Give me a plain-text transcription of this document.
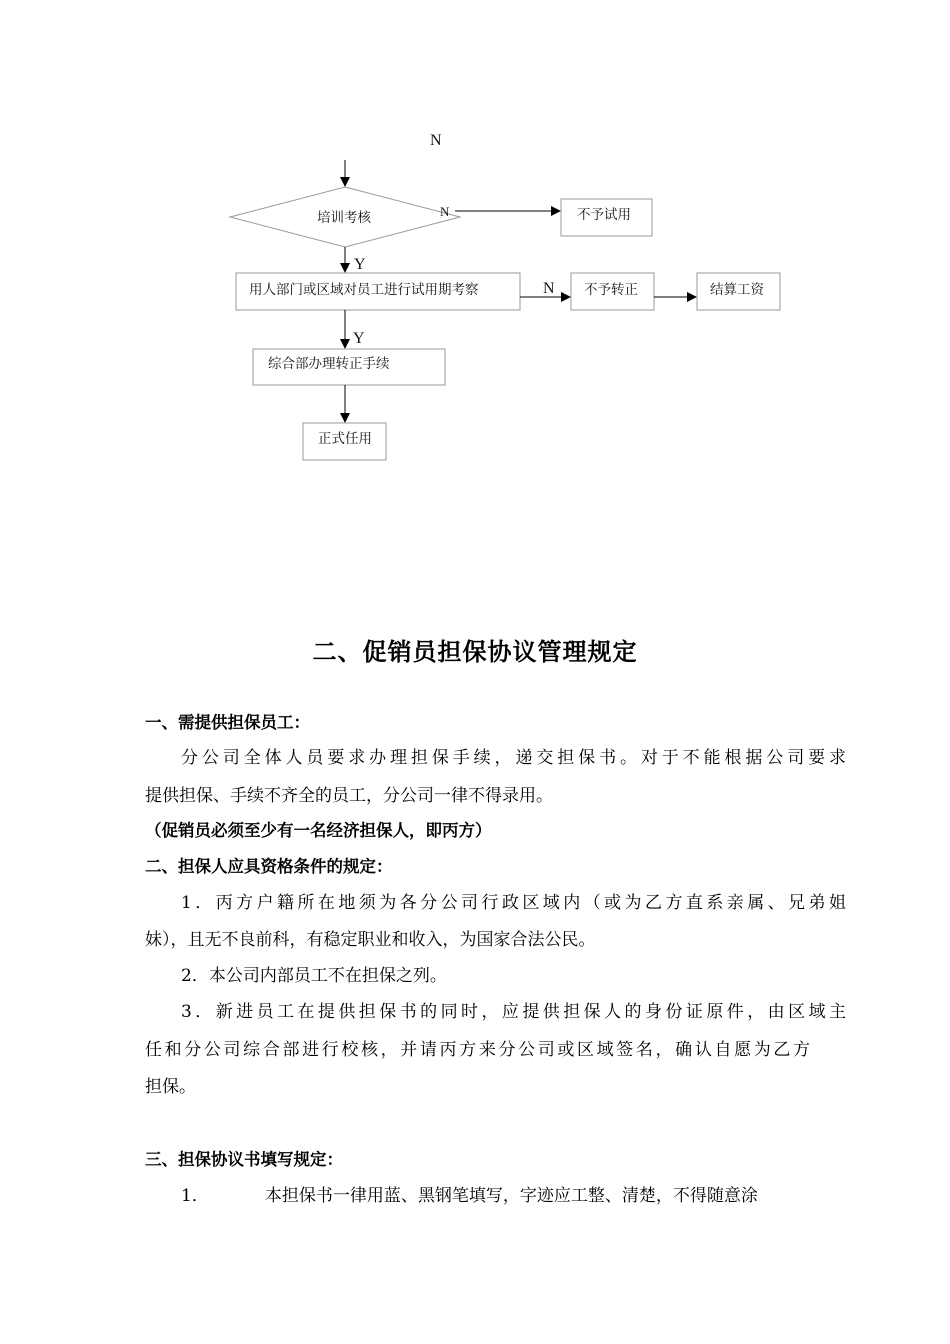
N
培训考核	N	不予试用
Y
用人部门或区域对员工进行试用期考察	N 不予转正	结算工资
Y
综合部办理转正手续
正式任用
二、促销员担保协议管理规定
一、需提供担保员工：
分公司全体人员要求办理担保手续，递交担保书。对于不能根据公司要求
提供担保、手续不齐全的员工，分公司一律不得录用。
（促销员必须至少有一名经济担保人，即丙方）
二、担保人应具资格条件的规定：
1．丙方户籍所在地须为各分公司行政区域内（或为乙方直系亲属、兄弟姐
妹），且无不良前科，有稳定职业和收入，为国家合法公民。
2．本公司内部员工不在担保之列。
3．新进员工在提供担保书的同时，应提供担保人的身份证原件，由区域主
任和分公司综合部进行校核，并请丙方来分公司或区域签名，确认自愿为乙方
担保。
三、担保协议书填写规定：
1．	本担保书一律用蓝、黑钢笔填写，字迹应工整、清楚，不得随意涂
